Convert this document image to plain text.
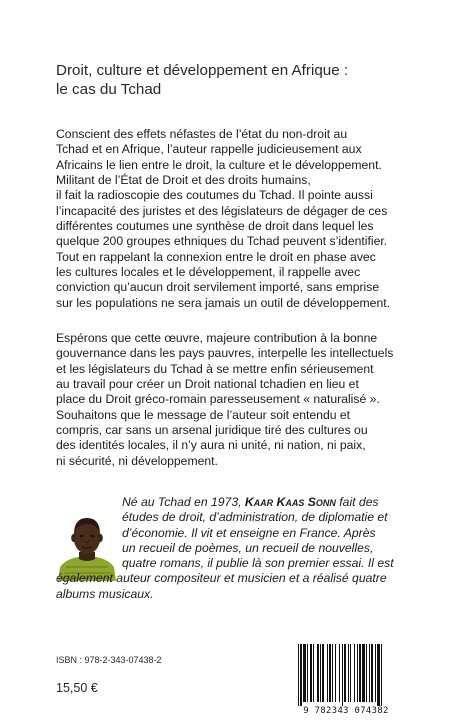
Droit, culture et développement en Afrique :
le cas du Tchad
Conscient des effets néfastes de l’état du non-droit au
Tchad et en Afrique, l’auteur rappelle judicieusement aux
Africains le lien entre le droit, la culture et le développement.
Militant de l’État de Droit et des droits humains,
il fait la radioscopie des coutumes du Tchad. Il pointe aussi
l’incapacité des juristes et des législateurs de dégager de ces
différentes coutumes une synthèse de droit dans lequel les
quelque 200 groupes ethniques du Tchad peuvent s’identifier.
Tout en rappelant la connexion entre le droit en phase avec
les cultures locales et le développement, il rappelle avec
conviction qu’aucun droit servilement importé, sans emprise
sur les populations ne sera jamais un outil de développement.
Espérons que cette œuvre, majeure contribution à la bonne
gouvernance dans les pays pauvres, interpelle les intellectuels
et les législateurs du Tchad à se mettre enfin sérieusement
au travail pour créer un Droit national tchadien en lieu et
place du Droit gréco-romain paresseusement « naturalisé ».
Souhaitons que le message de l’auteur soit entendu et
compris, car sans un arsenal juridique tiré des cultures ou
des identités locales, il n’y aura ni unité, ni nation, ni paix,
ni sécurité, ni développement.
Né au Tchad en 1973, Kaar Kaas Sonn fait des
études de droit, d’administration, de diplomatie et
d’économie. Il vit et enseigne en France. Après
un recueil de poèmes, un recueil de nouvelles,
quatre romans, il publie là son premier essai. Il est
également auteur compositeur et musicien et a réalisé quatre
albums musicaux.
ISBN : 978-2-343-07438-2
15,50 €
9 782343 074382
